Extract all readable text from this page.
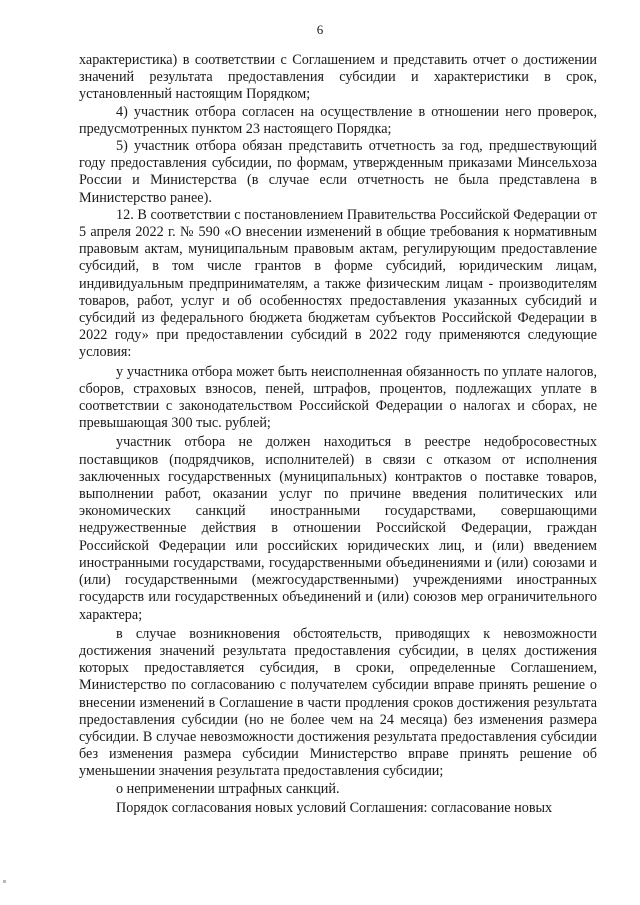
6

характеристика) в соответствии с Соглашением и представить отчет о достижении значений результата предоставления субсидии и характеристики в срок, установленный настоящим Порядком;

4) участник отбора согласен на осуществление в отношении него проверок, предусмотренных пунктом 23 настоящего Порядка;

5) участник отбора обязан представить отчетность за год, предшествующий году предоставления субсидии, по формам, утвержденным приказами Минсельхоза России и Министерства (в случае если отчетность не была представлена в Министерство ранее).

12. В соответствии с постановлением Правительства Российской Федерации от 5 апреля 2022 г. № 590 «О внесении изменений в общие требования к нормативным правовым актам, муниципальным правовым актам, регулирующим предоставление субсидий, в том числе грантов в форме субсидий, юридическим лицам, индивидуальным предпринимателям, а также физическим лицам - производителям товаров, работ, услуг и об особенностях предоставления указанных субсидий и субсидий из федерального бюджета бюджетам субъектов Российской Федерации в 2022 году» при предоставлении субсидий в 2022 году применяются следующие условия:

у участника отбора может быть неисполненная обязанность по уплате налогов, сборов, страховых взносов, пеней, штрафов, процентов, подлежащих уплате в соответствии с законодательством Российской Федерации о налогах и сборах, не превышающая 300 тыс. рублей;

участник отбора не должен находиться в реестре недобросовестных поставщиков (подрядчиков, исполнителей) в связи с отказом от исполнения заключенных государственных (муниципальных) контрактов о поставке товаров, выполнении работ, оказании услуг по причине введения политических или экономических санкций иностранными государствами, совершающими недружественные действия в отношении Российской Федерации, граждан Российской Федерации или российских юридических лиц, и (или) введением иностранными государствами, государственными объединениями и (или) союзами и (или) государственными (межгосударственными) учреждениями иностранных государств или государственных объединений и (или) союзов мер ограничительного характера;

в случае возникновения обстоятельств, приводящих к невозможности достижения значений результата предоставления субсидии, в целях достижения которых предоставляется субсидия, в сроки, определенные Соглашением, Министерство по согласованию с получателем субсидии вправе принять решение о внесении изменений в Соглашение в части продления сроков достижения результата предоставления субсидии (но не более чем на 24 месяца) без изменения размера субсидии. В случае невозможности достижения результата предоставления субсидии без изменения размера субсидии Министерство вправе принять решение об уменьшении значения результата предоставления субсидии;

о неприменении штрафных санкций.

Порядок согласования новых условий Соглашения: согласование новых
